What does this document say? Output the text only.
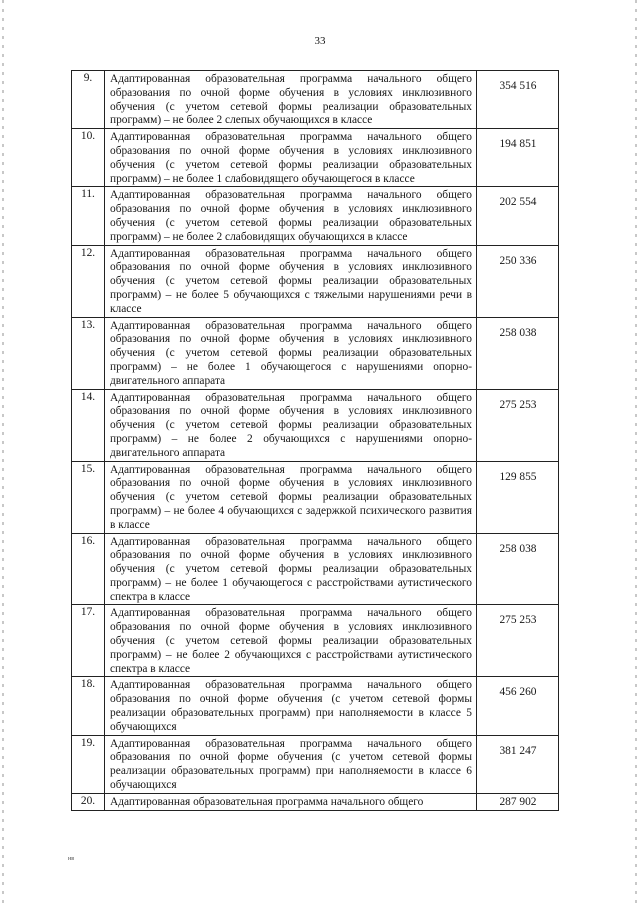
33
9.	Адаптированная образовательная программа начального общего образования по очной форме обучения в условиях инклюзивного обучения (с учетом сетевой формы реализации образовательных программ) – не более 2 слепых обучающихся в классе	354 516
10.	Адаптированная образовательная программа начального общего образования по очной форме обучения в условиях инклюзивного обучения (с учетом сетевой формы реализации образовательных программ) – не более 1 слабовидящего обучающегося в классе	194 851
11.	Адаптированная образовательная программа начального общего образования по очной форме обучения в условиях инклюзивного обучения (с учетом сетевой формы реализации образовательных программ) – не более 2 слабовидящих обучающихся в классе	202 554
12.	Адаптированная образовательная программа начального общего образования по очной форме обучения в условиях инклюзивного обучения (с учетом сетевой формы реализации образовательных программ) – не более 5 обучающихся с тяжелыми нарушениями речи в классе	250 336
13.	Адаптированная образовательная программа начального общего образования по очной форме обучения в условиях инклюзивного обучения (с учетом сетевой формы реализации образовательных программ) – не более 1 обучающегося с нарушениями опорно-двигательного аппарата	258 038
14.	Адаптированная образовательная программа начального общего образования по очной форме обучения в условиях инклюзивного обучения (с учетом сетевой формы реализации образовательных программ) – не более 2 обучающихся с нарушениями опорно-двигательного аппарата	275 253
15.	Адаптированная образовательная программа начального общего образования по очной форме обучения в условиях инклюзивного обучения (с учетом сетевой формы реализации образовательных программ) – не более 4 обучающихся с задержкой психического развития в классе	129 855
16.	Адаптированная образовательная программа начального общего образования по очной форме обучения в условиях инклюзивного обучения (с учетом сетевой формы реализации образовательных программ) – не более 1 обучающегося с расстройствами аутистического спектра в классе	258 038
17.	Адаптированная образовательная программа начального общего образования по очной форме обучения в условиях инклюзивного обучения (с учетом сетевой формы реализации образовательных программ) – не более 2 обучающихся с расстройствами аутистического спектра в классе	275 253
18.	Адаптированная образовательная программа начального общего образования по очной форме обучения (с учетом сетевой формы реализации образовательных программ) при наполняемости в классе 5 обучающихся	456 260
19.	Адаптированная образовательная программа начального общего образования по очной форме обучения (с учетом сетевой формы реализации образовательных программ) при наполняемости в классе 6 обучающихся	381 247
20.	Адаптированная образовательная программа начального общего	287 902
нв
